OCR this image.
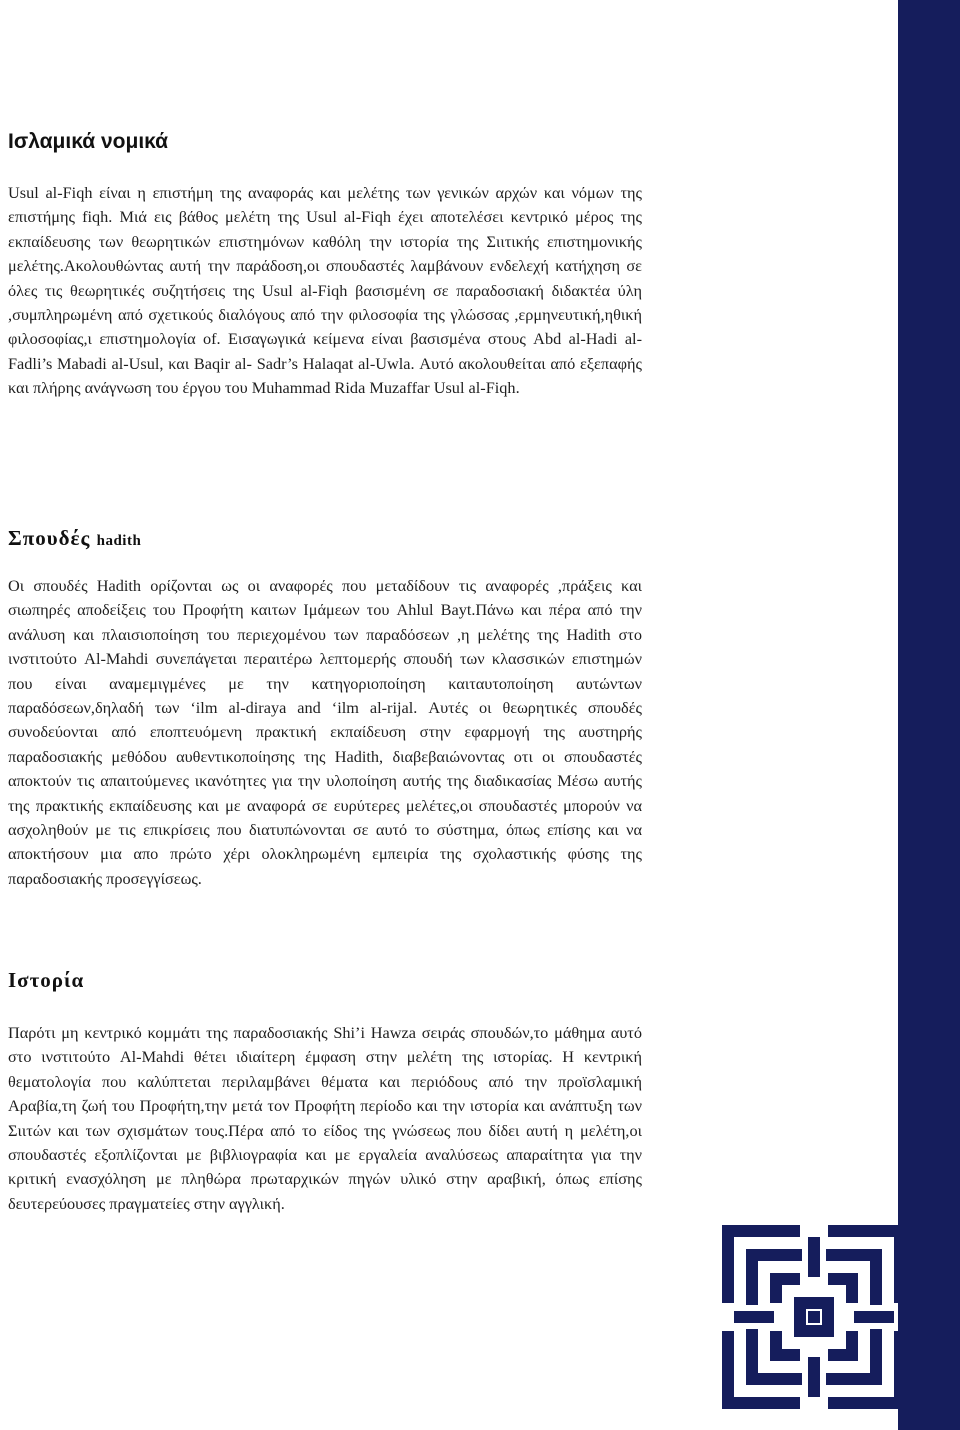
Ισλαμικά νομικά

Usul al-Fiqh είναι η επιστήμη της αναφοράς και μελέτης των γενικών αρχών και νόμων της επιστήμης fiqh. Μιά εις βάθος μελέτη της Usul al-Fiqh έχει αποτελέσει κεντρικό μέρος της εκπαίδευσης των θεωρητικών επιστημόνων καθόλη την ιστορία της Σιιτικής επιστημονικής μελέτης.Ακολουθώντας αυτή την παράδοση,οι σπουδαστές λαμβάνουν ενδελεχή κατήχηση σε όλες τις θεωρητικές συζητήσεις της Usul al-Fiqh βασισμένη σε παραδοσιακή διδακτέα ύλη ,συμπληρωμένη από σχετικούς διαλόγους από την φιλοσοφία της γλώσσας ,ερμηνευτική,ηθική φιλοσοφίας,ι επιστημολογία of. Εισαγωγικά κείμενα είναι βασισμένα στους Abd al-Hadi al-Fadli’s Mabadi al-Usul, και Baqir al- Sadr’s Halaqat al-Uwla. Αυτό ακολουθείται από εξεπαφής και πλήρης ανάγνωση του έργου του Muhammad Rida Muzaffar Usul al-Fiqh.

Σπουδές hadith

Οι σπουδές Hadith ορίζονται ως οι αναφορές που μεταδίδουν τις αναφορές ,πράξεις και σιωπηρές αποδείξεις του Προφήτη καιτων Ιμάμεων του Ahlul Bayt.Πάνω και πέρα από την ανάλυση και πλαισιοποίηση του περιεχομένου των παραδόσεων ,η μελέτης της Hadith στο ινστιτούτο Al-Mahdi συνεπάγεται περαιτέρω λεπτομερής σπουδή των κλασσικών επιστημών που είναι αναμεμιγμένες με την κατηγοριοποίηση καιταυτοποίηση αυτώντων παραδόσεων,δηλαδή των ‘ilm al-diraya and ‘ilm al-rijal. Αυτές οι θεωρητικές σπουδές συνοδεύονται από εποπτευόμενη πρακτική εκπαίδευση στην εφαρμογή της αυστηρής παραδοσιακής μεθόδου αυθεντικοποίησης της Hadith, διαβεβαιώνοντας οτι οι σπουδαστές αποκτούν τις απαιτούμενες ικανότητες για την υλοποίηση αυτής της διαδικασίας Μέσω αυτής της πρακτικής εκπαίδευσης και με αναφορά σε ευρύτερες μελέτες,οι σπουδαστές μπορούν να ασχοληθούν με τις επικρίσεις που διατυπώνονται σε αυτό το σύστημα, όπως επίσης και να αποκτήσουν μια απο πρώτο χέρι ολοκληρωμένη εμπειρία της σχολαστικής φύσης της παραδοσιακής προσεγγίσεως.

Ιστορία

Παρότι μη κεντρικό κομμάτι της παραδοσιακής Shi’i Hawza σειράς σπουδών,το μάθημα αυτό στο ινστιτούτο Al-Mahdi θέτει ιδιαίτερη έμφαση στην μελέτη της ιστορίας. Η κεντρική θεματολογία που καλύπτεται περιλαμβάνει θέματα και περιόδους από την προϊσλαμική Αραβία,τη ζωή του Προφήτη,την μετά τον Προφήτη περίοδο και την ιστορία και ανάπτυξη των Σιιτών και των σχισμάτων τους.Πέρα από το είδος της γνώσεως που δίδει αυτή η μελέτη,οι σπουδαστές εξοπλίζονται με βιβλιογραφία και με εργαλεία αναλύσεως απαραίτητα για την κριτική ενασχόληση με πληθώρα πρωταρχικών πηγών υλικό στην αραβική, όπως επίσης δευτερεύουσες πραγματείες στην αγγλική.
